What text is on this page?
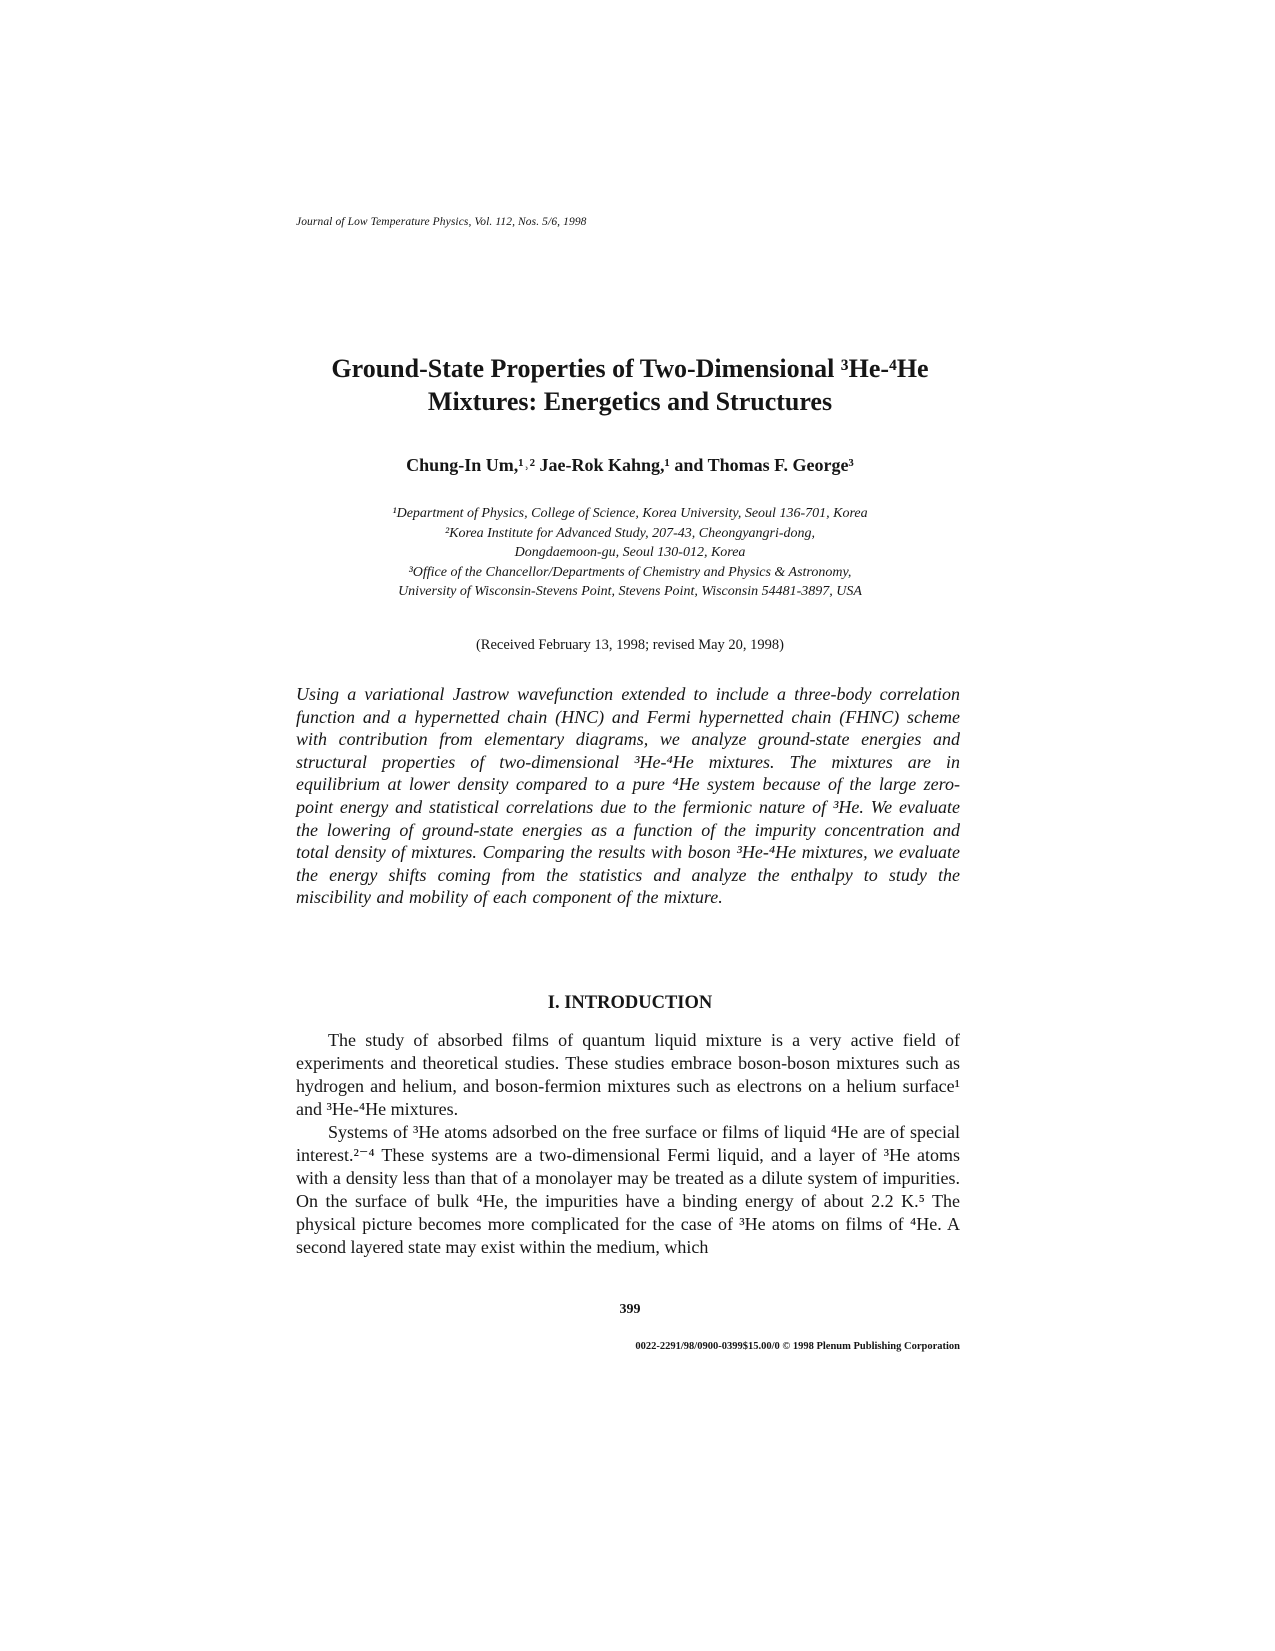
Journal of Low Temperature Physics, Vol. 112, Nos. 5/6, 1998
Ground-State Properties of Two-Dimensional ³He-⁴He
Mixtures: Energetics and Structures
Chung-In Um,¹˒² Jae-Rok Kahng,¹ and Thomas F. George³
¹Department of Physics, College of Science, Korea University, Seoul 136-701, Korea
²Korea Institute for Advanced Study, 207-43, Cheongyangri-dong,
Dongdaemoon-gu, Seoul 130-012, Korea
³Office of the Chancellor/Departments of Chemistry and Physics & Astronomy,
University of Wisconsin-Stevens Point, Stevens Point, Wisconsin 54481-3897, USA
(Received February 13, 1998; revised May 20, 1998)
Using a variational Jastrow wavefunction extended to include a three-body correlation function and a hypernetted chain (HNC) and Fermi hypernetted chain (FHNC) scheme with contribution from elementary diagrams, we analyze ground-state energies and structural properties of two-dimensional ³He-⁴He mixtures. The mixtures are in equilibrium at lower density compared to a pure ⁴He system because of the large zero-point energy and statistical correlations due to the fermionic nature of ³He. We evaluate the lowering of ground-state energies as a function of the impurity concentration and total density of mixtures. Comparing the results with boson ³He-⁴He mixtures, we evaluate the energy shifts coming from the statistics and analyze the enthalpy to study the miscibility and mobility of each component of the mixture.
I. INTRODUCTION

The study of absorbed films of quantum liquid mixture is a very active field of experiments and theoretical studies. These studies embrace boson-boson mixtures such as hydrogen and helium, and boson-fermion mixtures such as electrons on a helium surface¹ and ³He-⁴He mixtures.

Systems of ³He atoms adsorbed on the free surface or films of liquid ⁴He are of special interest.²⁻⁴ These systems are a two-dimensional Fermi liquid, and a layer of ³He atoms with a density less than that of a monolayer may be treated as a dilute system of impurities. On the surface of bulk ⁴He, the impurities have a binding energy of about 2.2 K.⁵ The physical picture becomes more complicated for the case of ³He atoms on films of ⁴He. A second layered state may exist within the medium, which

399
0022-2291/98/0900-0399$15.00/0 © 1998 Plenum Publishing Corporation
